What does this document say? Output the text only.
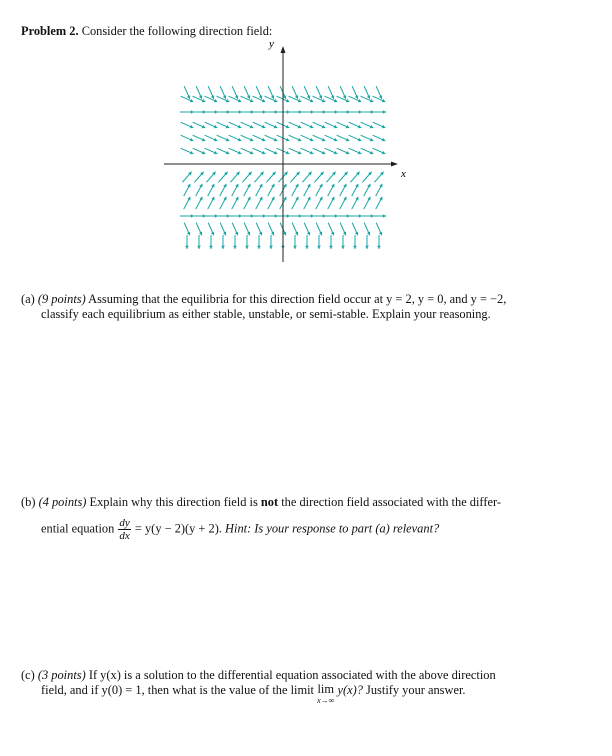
Problem 2. Consider the following direction field:
y
x
(a) (9 points) Assuming that the equilibria for this direction field occur at y = 2, y = 0, and y = −2,
classify each equilibrium as either stable, unstable, or semi-stable. Explain your reasoning.
(b) (4 points) Explain why this direction field is not the direction field associated with the differ-
ential equation $\frac{dy}{dx} = y(y - 2)(y + 2)$. Hint: Is your response to part (a) relevant?
(c) (3 points) If y(x) is a solution to the differential equation associated with the above direction
field, and if y(0) = 1, then what is the value of the limit lim
x→∞
y(x)? Justify your answer.
